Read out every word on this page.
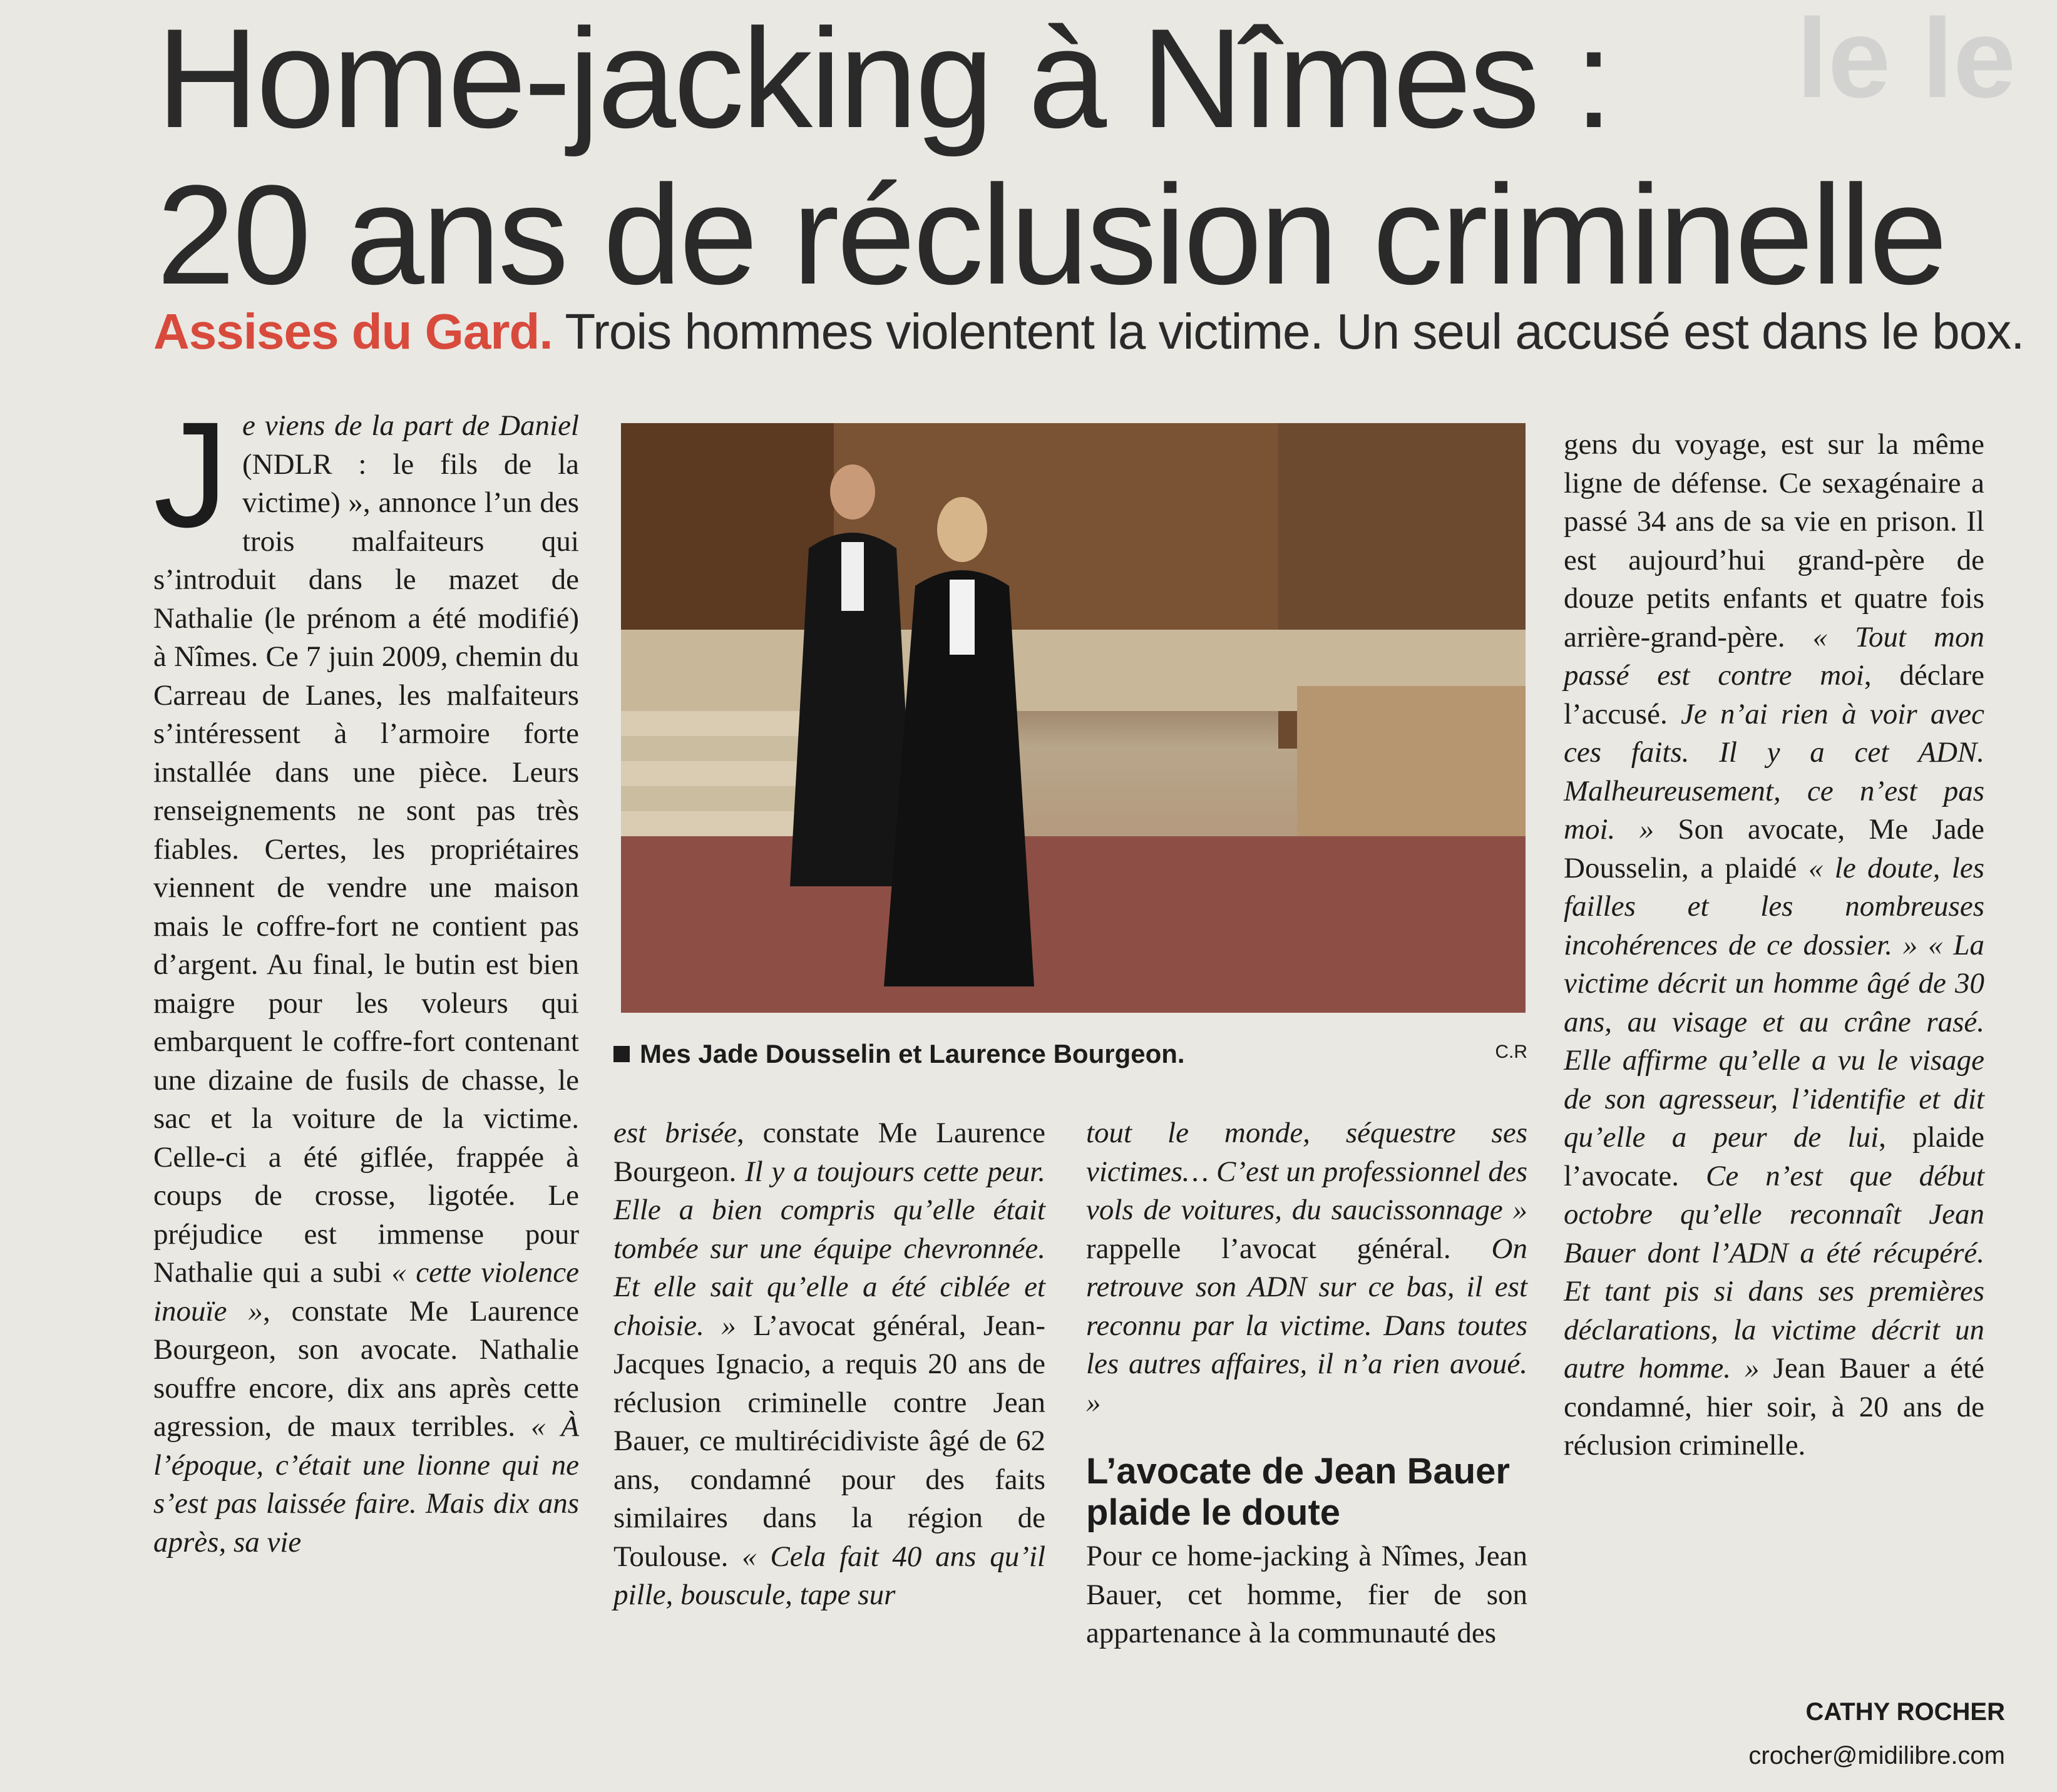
le le
Home-jacking à Nîmes :
20 ans de réclusion criminelle
Assises du Gard. Trois hommes violentent la victime. Un seul accusé est dans le box.
J e viens de la part de Daniel (NDLR : le fils de la victime) », annonce l’un des trois malfaiteurs qui s’introduit dans le mazet de Nathalie (le prénom a été modifié) à Nîmes. Ce 7 juin 2009, chemin du Carreau de Lanes, les malfaiteurs s’intéressent à l’armoire forte installée dans une pièce. Leurs renseignements ne sont pas très fiables. Certes, les propriétaires viennent de vendre une maison mais le coffre-fort ne contient pas d’argent. Au final, le butin est bien maigre pour les voleurs qui embarquent le coffre-fort contenant une dizaine de fusils de chasse, le sac et la voiture de la victime. Celle-ci a été giflée, frappée à coups de crosse, ligotée. Le préjudice est immense pour Nathalie qui a subi « cette violence inouïe », constate Me Laurence Bourgeon, son avocate. Nathalie souffre encore, dix ans après cette agression, de maux terribles. « À l’époque, c’était une lionne qui ne s’est pas laissée faire. Mais dix ans après, sa vie

Mes Jade Dousselin et Laurence Bourgeon.	C.R

est brisée, constate Me Laurence Bourgeon. Il y a toujours cette peur. Elle a bien compris qu’elle était tombée sur une équipe chevronnée. Et elle sait qu’elle a été ciblée et choisie. » L’avocat général, Jean-Jacques Ignacio, a requis 20 ans de réclusion criminelle contre Jean Bauer, ce multirécidiviste âgé de 62 ans, condamné pour des faits similaires dans la région de Toulouse. « Cela fait 40 ans qu’il pille, bouscule, tape sur

tout le monde, séquestre ses victimes… C’est un professionnel des vols de voitures, du saucissonnage » rappelle l’avocat général. On retrouve son ADN sur ce bas, il est reconnu par la victime. Dans toutes les autres affaires, il n’a rien avoué. »

L’avocate de Jean Bauer plaide le doute

Pour ce home-jacking à Nîmes, Jean Bauer, cet homme, fier de son appartenance à la communauté des

gens du voyage, est sur la même ligne de défense. Ce sexagénaire a passé 34 ans de sa vie en prison. Il est aujourd’hui grand-père de douze petits enfants et quatre fois arrière-grand-père. « Tout mon passé est contre moi, déclare l’accusé. Je n’ai rien à voir avec ces faits. Il y a cet ADN. Malheureusement, ce n’est pas moi. » Son avocate, Me Jade Dousselin, a plaidé « le doute, les failles et les nombreuses incohérences de ce dossier. » « La victime décrit un homme âgé de 30 ans, au visage et au crâne rasé. Elle affirme qu’elle a vu le visage de son agresseur, l’identifie et dit qu’elle a peur de lui, plaide l’avocate. Ce n’est que début octobre qu’elle reconnaît Jean Bauer dont l’ADN a été récupéré. Et tant pis si dans ses premières déclarations, la victime décrit un autre homme. » Jean Bauer a été condamné, hier soir, à 20 ans de réclusion criminelle.

CATHY ROCHER
crocher@midilibre.com
